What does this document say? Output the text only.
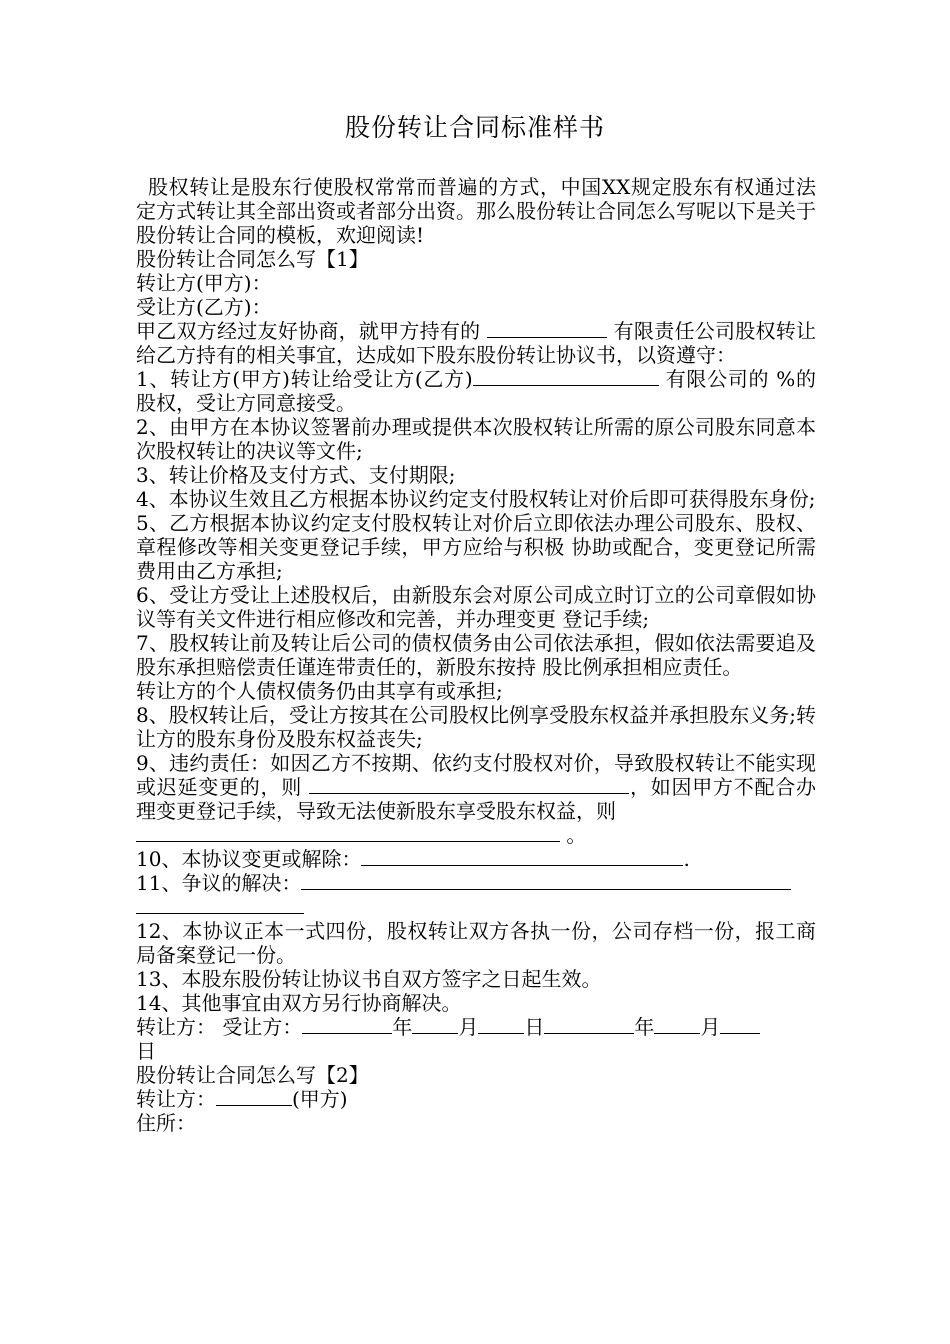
股份转让合同标准样书

股权转让是股东行使股权常常而普遍的方式，中国XX规定股东有权通过法定方式转让其全部出资或者部分出资。那么股份转让合同怎么写呢以下是关于股份转让合同的模板，欢迎阅读!

股份转让合同怎么写【1】

转让方(甲方)：

受让方(乙方)：

甲乙双方经过友好协商，就甲方持有的	有限责任公司股权转让给乙方持有的相关事宜，达成如下股东股份转让协议书，以资遵守：

1、转让方(甲方)转让给受让方(乙方)	有限公司的 %的股权，受让方同意接受。

2、由甲方在本协议签署前办理或提供本次股权转让所需的原公司股东同意本次股权转让的决议等文件;

3、转让价格及支付方式、支付期限;

4、本协议生效且乙方根据本协议约定支付股权转让对价后即可获得股东身份;

5、乙方根据本协议约定支付股权转让对价后立即依法办理公司股东、股权、章程修改等相关变更登记手续，甲方应给与积极 协助或配合，变更登记所需费用由乙方承担;

6、受让方受让上述股权后，由新股东会对原公司成立时订立的公司章假如协议等有关文件进行相应修改和完善，并办理变更 登记手续;

7、股权转让前及转让后公司的债权债务由公司依法承担，假如依法需要追及股东承担赔偿责任谨连带责任的，新股东按持 股比例承担相应责任。

转让方的个人债权债务仍由其享有或承担;

8、股权转让后，受让方按其在公司股权比例享受股东权益并承担股东义务;转让方的股东身份及股东权益丧失;

9、违约责任：如因乙方不按期、依约支付股权对价，导致股权转让不能实现或迟延变更的，则	，如因甲方不配合办理变更登记手续，导致无法使新股东享受股东权益，则
。

10、本协议变更或解除：	.

11、争议的解决：

12、本协议正本一式四份，股权转让双方各执一份，公司存档一份，报工商局备案登记一份。

13、本股东股份转让协议书自双方签字之日起生效。

14、其他事宜由双方另行协商解决。

转让方： 受让方：	年 月 日	年 月
日

股份转让合同怎么写【2】

转让方：	(甲方)

住所：
